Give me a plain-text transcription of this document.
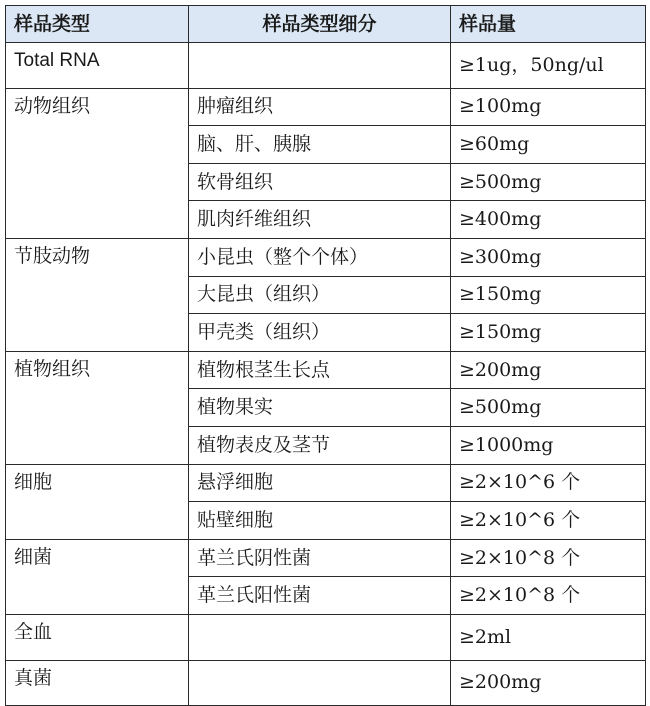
样品类型	样品类型细分	样品量
Total RNA		≥1ug，50ng/ul
动物组织	肿瘤组织	≥100mg
	脑、肝、胰腺	≥60mg
	软骨组织	≥500mg
	肌肉纤维组织	≥400mg
节肢动物	小昆虫（整个个体）	≥300mg
	大昆虫（组织）	≥150mg
	甲壳类（组织）	≥150mg
植物组织	植物根茎生长点	≥200mg
	植物果实	≥500mg
	植物表皮及茎节	≥1000mg
细胞	悬浮细胞	≥2×10^6 个
	贴壁细胞	≥2×10^6 个
细菌	革兰氏阴性菌	≥2×10^8 个
	革兰氏阳性菌	≥2×10^8 个
全血		≥2ml
真菌		≥200mg
